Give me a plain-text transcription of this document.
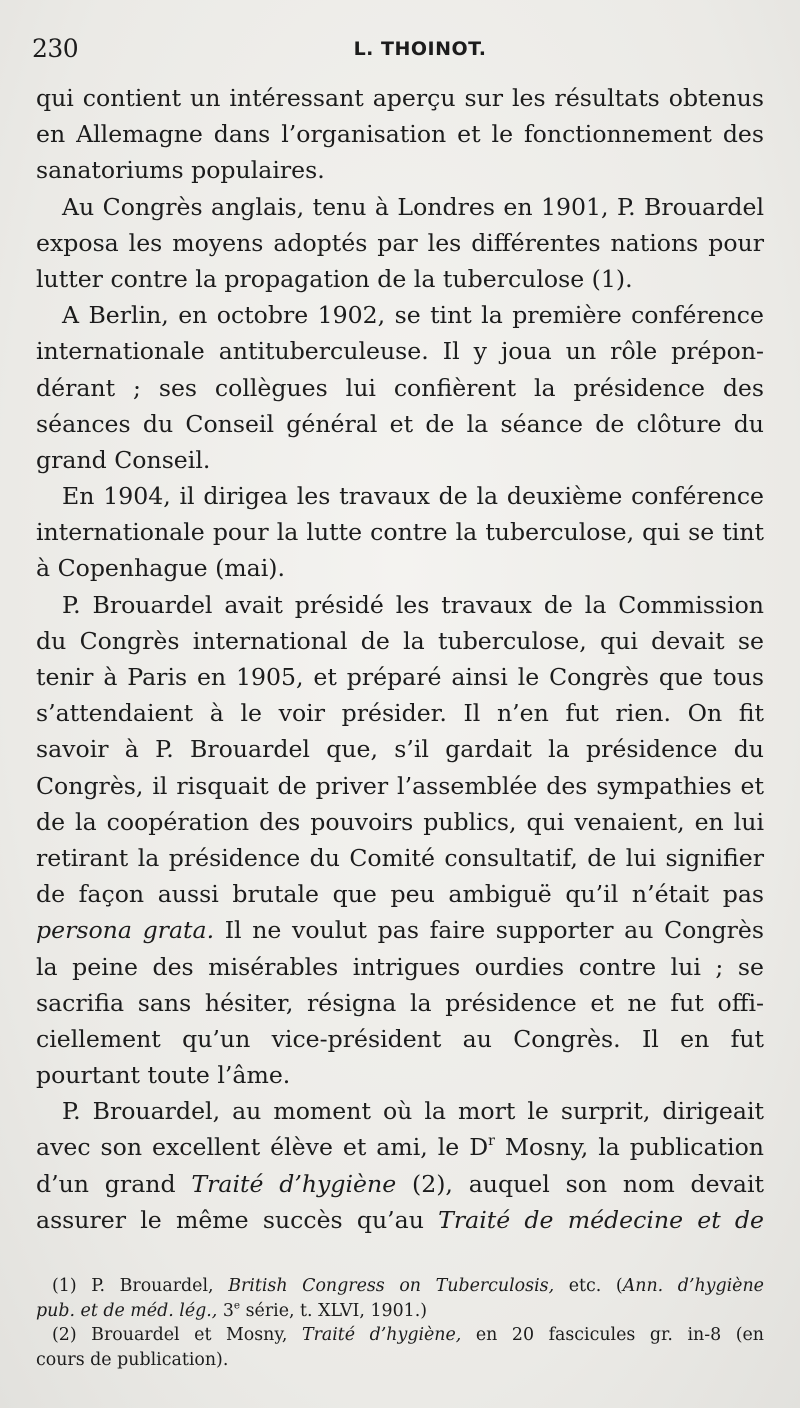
230	L. THOINOT.
qui contient un intéressant aperçu sur les résultats obtenus
en Allemagne dans l’organisation et le fonctionnement des
sanatoriums populaires.
Au Congrès anglais, tenu à Londres en 1901, P. Brouardel
exposa les moyens adoptés par les différentes nations pour
lutter contre la propagation de la tuberculose (1).
A Berlin, en octobre 1902, se tint la première conférence
internationale antituberculeuse. Il y joua un rôle prépon-
dérant ; ses collègues lui confièrent la présidence des
séances du Conseil général et de la séance de clôture du
grand Conseil.
En 1904, il dirigea les travaux de la deuxième conférence
internationale pour la lutte contre la tuberculose, qui se tint
à Copenhague (mai).
P. Brouardel avait présidé les travaux de la Commission
du Congrès international de la tuberculose, qui devait se
tenir à Paris en 1905, et préparé ainsi le Congrès que tous
s’attendaient à le voir présider. Il n’en fut rien. On fit
savoir à P. Brouardel que, s’il gardait la présidence du
Congrès, il risquait de priver l’assemblée des sympathies et
de la coopération des pouvoirs publics, qui venaient, en lui
retirant la présidence du Comité consultatif, de lui signifier
de façon aussi brutale que peu ambiguë qu’il n’était pas
persona grata. Il ne voulut pas faire supporter au Congrès
la peine des misérables intrigues ourdies contre lui ; se
sacrifia sans hésiter, résigna la présidence et ne fut offi-
ciellement qu’un vice-président au Congrès. Il en fut
pourtant toute l’âme.
P. Brouardel, au moment où la mort le surprit, dirigeait
avec son excellent élève et ami, le $D^r$ Mosny, la publication
d’un grand Traité d’hygiène (2), auquel son nom devait
assurer le même succès qu’au Traité de médecine et de
(1) P. Brouardel, British Congress on Tuberculosis, etc. (Ann. d’hygiène
pub. et de méd. lég., 3e série, t. XLVI, 1901.)
(2) Brouardel et Mosny, Traité d’hygiène, en 20 fascicules gr. in-8 (en
cours de publication).
